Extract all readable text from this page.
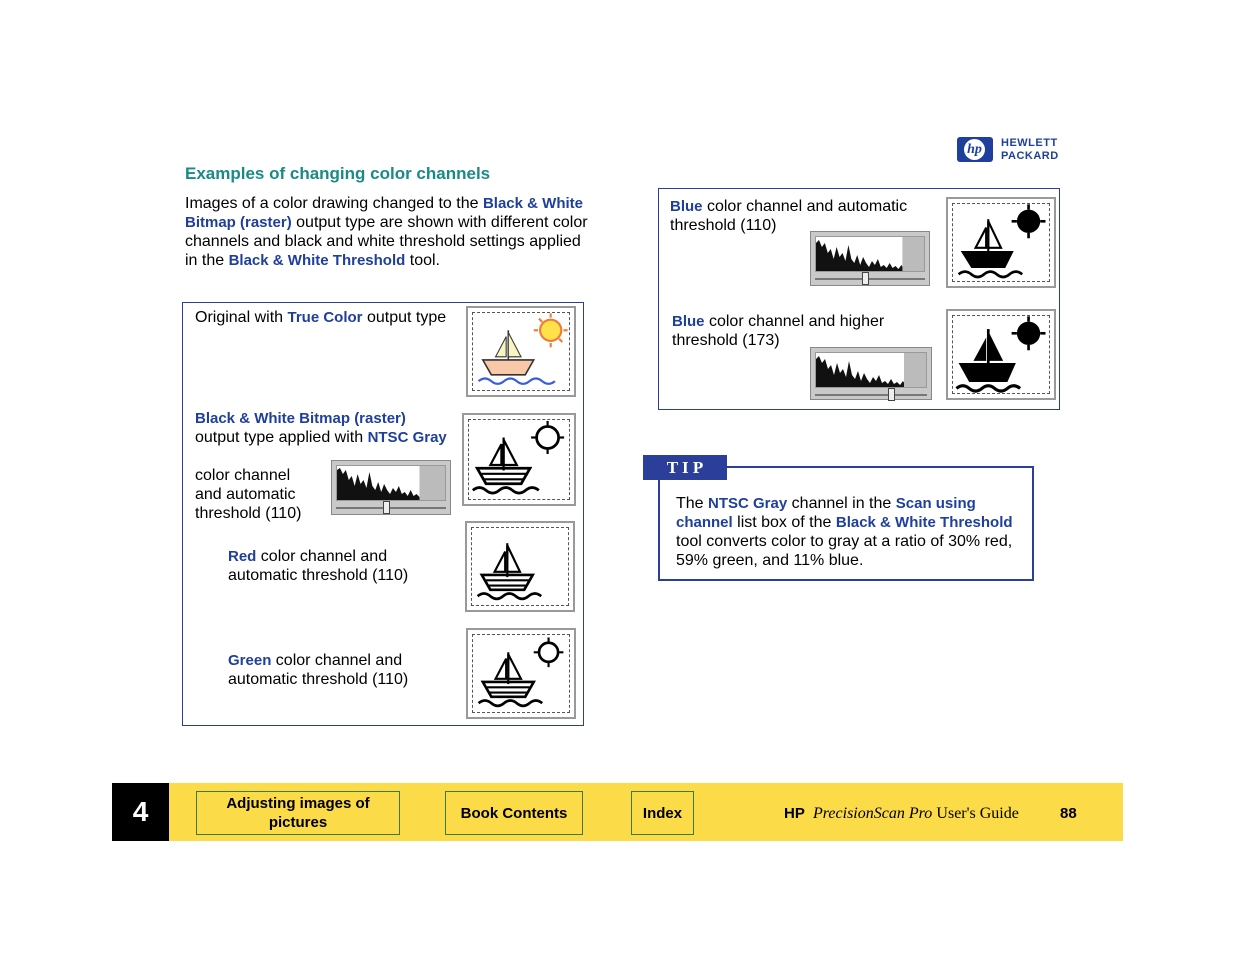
hp HEWLETT
PACKARD
Examples of changing color channels
Images of a color drawing changed to the Black & White Bitmap (raster) output type are shown with different color channels and black and white threshold settings applied in the Black & White Threshold tool.
Original with True Color output type
Black & White Bitmap (raster)
output type applied with NTSC Gray
color channel and automatic threshold (110)
Red color channel and automatic threshold (110)
Green color channel and automatic threshold (110)
Blue color channel and automatic threshold (110)
Blue color channel and higher threshold (173)
T I P
The NTSC Gray channel in the Scan using channel list box of the Black & White Threshold tool converts color to gray at a ratio of 30% red, 59% green, and 11% blue.
4	Adjusting images of pictures
Book Contents	Index	HP PrecisionScan Pro User's Guide	88
